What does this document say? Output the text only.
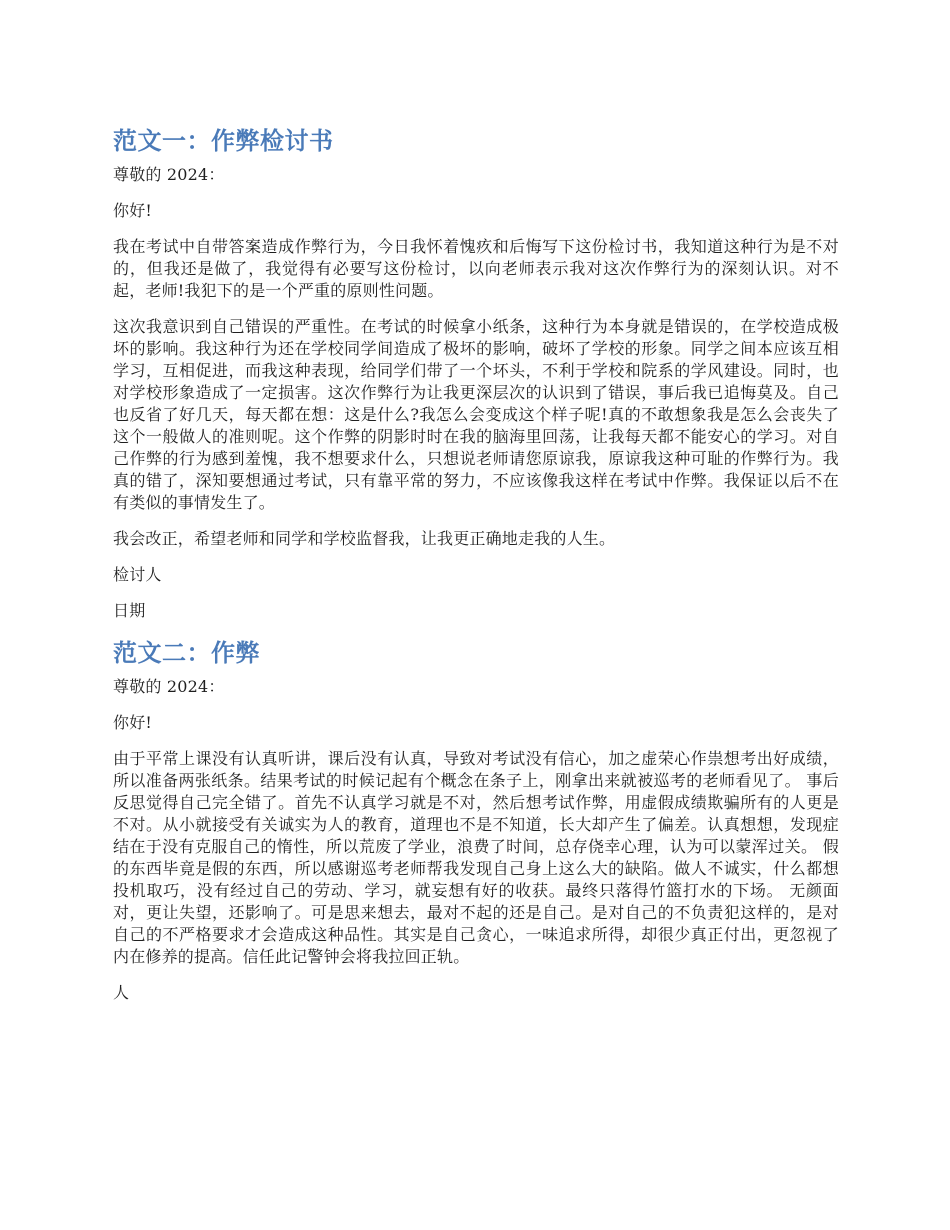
范文一：作弊检讨书

尊敬的 2024：

你好!

我在考试中自带答案造成作弊行为，今日我怀着愧疚和后悔写下这份检讨书，我知道这种行为是不对的，但我还是做了，我觉得有必要写这份检讨，以向老师表示我对这次作弊行为的深刻认识。对不起，老师!我犯下的是一个严重的原则性问题。

这次我意识到自己错误的严重性。在考试的时候拿小纸条，这种行为本身就是错误的，在学校造成极坏的影响。我这种行为还在学校同学间造成了极坏的影响，破坏了学校的形象。同学之间本应该互相学习，互相促进，而我这种表现，给同学们带了一个坏头，不利于学校和院系的学风建设。同时，也对学校形象造成了一定损害。这次作弊行为让我更深层次的认识到了错误，事后我已追悔莫及。自己也反省了好几天，每天都在想：这是什么?我怎么会变成这个样子呢!真的不敢想象我是怎么会丧失了这个一般做人的准则呢。这个作弊的阴影时时在我的脑海里回荡，让我每天都不能安心的学习。对自己作弊的行为感到羞愧，我不想要求什么，只想说老师请您原谅我，原谅我这种可耻的作弊行为。我真的错了，深知要想通过考试，只有靠平常的努力，不应该像我这样在考试中作弊。我保证以后不在有类似的事情发生了。

我会改正，希望老师和同学和学校监督我，让我更正确地走我的人生。

检讨人

日期

范文二：作弊

尊敬的 2024：

你好!

由于平常上课没有认真听讲，课后没有认真，导致对考试没有信心，加之虚荣心作祟想考出好成绩，所以准备两张纸条。结果考试的时候记起有个概念在条子上，刚拿出来就被巡考的老师看见了。 事后反思觉得自己完全错了。首先不认真学习就是不对，然后想考试作弊，用虚假成绩欺骗所有的人更是不对。从小就接受有关诚实为人的教育，道理也不是不知道，长大却产生了偏差。认真想想，发现症结在于没有克服自己的惰性，所以荒废了学业，浪费了时间，总存侥幸心理，认为可以蒙浑过关。 假的东西毕竟是假的东西，所以感谢巡考老师帮我发现自己身上这么大的缺陷。做人不诚实，什么都想投机取巧，没有经过自己的劳动、学习，就妄想有好的收获。最终只落得竹篮打水的下场。 无颜面对，更让失望，还影响了。可是思来想去，最对不起的还是自己。是对自己的不负责犯这样的，是对自己的不严格要求才会造成这种品性。其实是自己贪心，一味追求所得，却很少真正付出，更忽视了内在修养的提高。信任此记警钟会将我拉回正轨。

人
